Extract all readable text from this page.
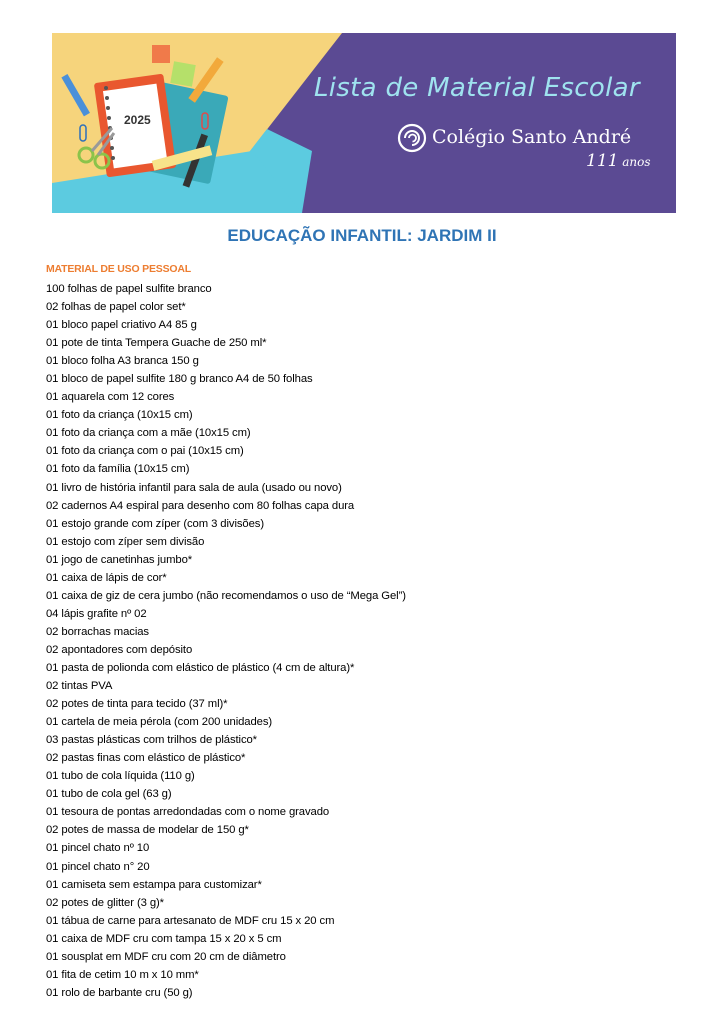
2025
Lista de Material Escolar
Colégio Santo André
111 anos
EDUCAÇÃO INFANTIL: JARDIM II
MATERIAL DE USO PESSOAL
100 folhas de papel sulfite branco
02 folhas de papel color set*
01 bloco papel criativo A4 85 g
01 pote de tinta Tempera Guache de 250 ml*
01 bloco folha A3 branca 150 g
01 bloco de papel sulfite 180 g branco A4 de 50 folhas
01 aquarela com 12 cores
01 foto da criança (10x15 cm)
01 foto da criança com a mãe (10x15 cm)
01 foto da criança com o pai (10x15 cm)
01 foto da família (10x15 cm)
01 livro de história infantil para sala de aula (usado ou novo)
02 cadernos A4 espiral para desenho com 80 folhas capa dura
01 estojo grande com zíper (com 3 divisões)
01 estojo com zíper sem divisão
01 jogo de canetinhas jumbo*
01 caixa de lápis de cor*
01 caixa de giz de cera jumbo (não recomendamos o uso de “Mega Gel”)
04 lápis grafite nº 02
02 borrachas macias
02 apontadores com depósito
01 pasta de polionda com elástico de plástico (4 cm de altura)*
02 tintas PVA
02 potes de tinta para tecido (37 ml)*
01 cartela de meia pérola (com 200 unidades)
03 pastas plásticas com trilhos de plástico*
02 pastas finas com elástico de plástico*
01 tubo de cola líquida (110 g)
01 tubo de cola gel (63 g)
01 tesoura de pontas arredondadas com o nome gravado
02 potes de massa de modelar de 150 g*
01 pincel chato nº 10
01 pincel chato n° 20
01 camiseta sem estampa para customizar*
02 potes de glitter (3 g)*
01 tábua de carne para artesanato de MDF cru 15 x 20 cm
01 caixa de MDF cru com tampa 15 x 20 x 5 cm
01 sousplat em MDF cru com 20 cm de diâmetro
01 fita de cetim 10 m x 10 mm*
01 rolo de barbante cru (50 g)
